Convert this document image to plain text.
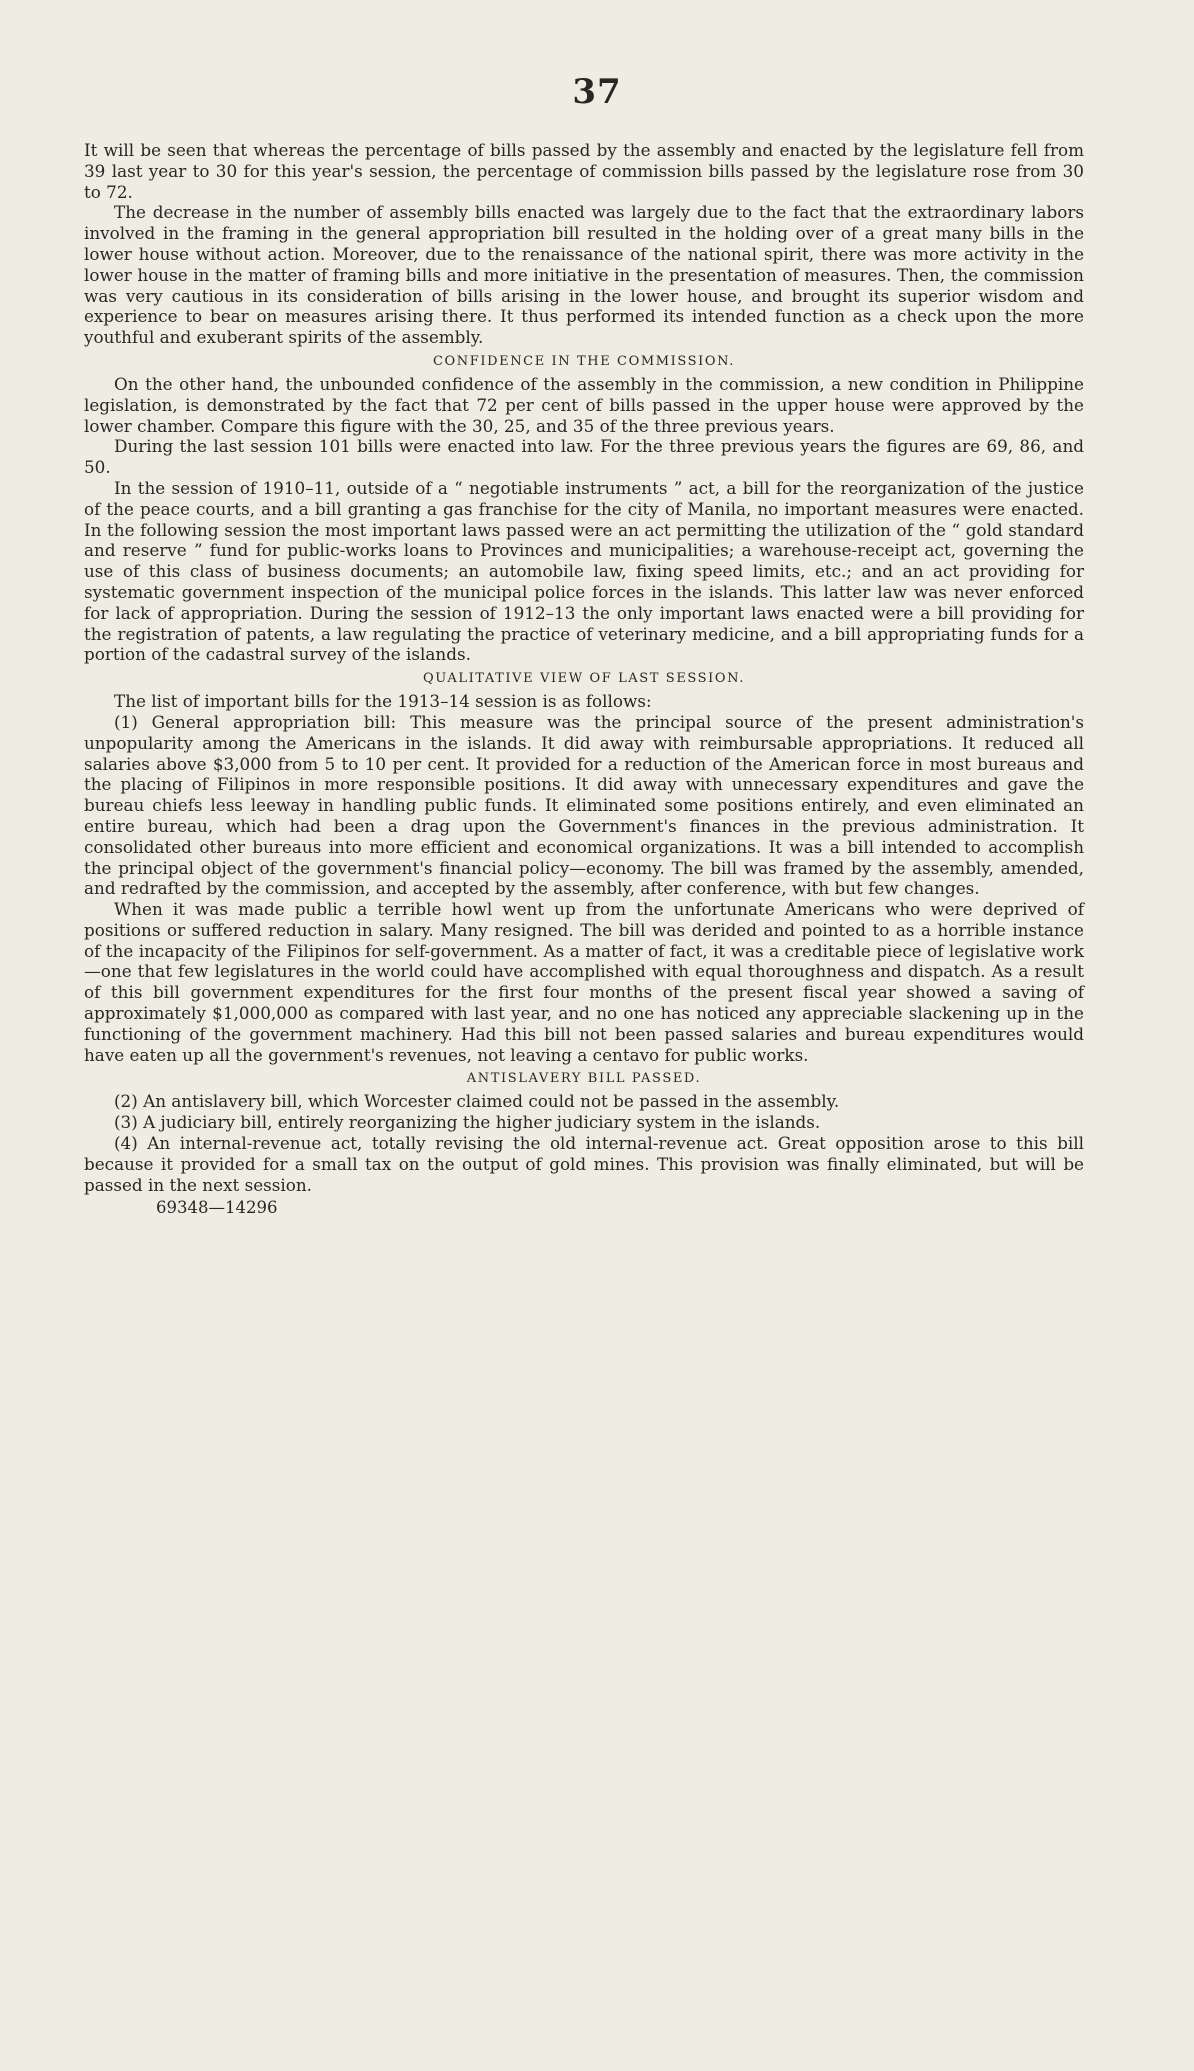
37

It will be seen that whereas the percentage of bills passed by the assembly and enacted by the legislature fell from 39 last year to 30 for this year's session, the percentage of commission bills passed by the legislature rose from 30 to 72.

The decrease in the number of assembly bills enacted was largely due to the fact that the extraordinary labors involved in the framing in the general appropriation bill resulted in the holding over of a great many bills in the lower house without action. Moreover, due to the renaissance of the national spirit, there was more activity in the lower house in the matter of framing bills and more initiative in the presentation of measures. Then, the commission was very cautious in its consideration of bills arising in the lower house, and brought its superior wisdom and experience to bear on measures arising there. It thus performed its intended function as a check upon the more youthful and exuberant spirits of the assembly.

CONFIDENCE IN THE COMMISSION.

On the other hand, the unbounded confidence of the assembly in the commission, a new condition in Philippine legislation, is demonstrated by the fact that 72 per cent of bills passed in the upper house were approved by the lower chamber. Compare this figure with the 30, 25, and 35 of the three previous years.

During the last session 101 bills were enacted into law. For the three previous years the figures are 69, 86, and 50.

In the session of 1910–11, outside of a “ negotiable instruments ” act, a bill for the reorganization of the justice of the peace courts, and a bill granting a gas franchise for the city of Manila, no important measures were enacted. In the following session the most important laws passed were an act permitting the utilization of the “ gold standard and reserve ” fund for public-works loans to Provinces and municipalities; a warehouse-receipt act, governing the use of this class of business documents; an automobile law, fixing speed limits, etc.; and an act providing for systematic government inspection of the municipal police forces in the islands. This latter law was never enforced for lack of appropriation. During the session of 1912–13 the only important laws enacted were a bill providing for the registration of patents, a law regulating the practice of veterinary medicine, and a bill appropriating funds for a portion of the cadastral survey of the islands.

QUALITATIVE VIEW OF LAST SESSION.

The list of important bills for the 1913–14 session is as follows:

(1) General appropriation bill: This measure was the principal source of the present administration's unpopularity among the Americans in the islands. It did away with reimbursable appropriations. It reduced all salaries above $3,000 from 5 to 10 per cent. It provided for a reduction of the American force in most bureaus and the placing of Filipinos in more responsible positions. It did away with unnecessary expenditures and gave the bureau chiefs less leeway in handling public funds. It eliminated some positions entirely, and even eliminated an entire bureau, which had been a drag upon the Government's finances in the previous administration. It consolidated other bureaus into more efficient and economical organizations. It was a bill intended to accomplish the principal object of the government's financial policy—economy. The bill was framed by the assembly, amended, and redrafted by the commission, and accepted by the assembly, after conference, with but few changes.

When it was made public a terrible howl went up from the unfortunate Americans who were deprived of positions or suffered reduction in salary. Many resigned. The bill was derided and pointed to as a horrible instance of the incapacity of the Filipinos for self-government. As a matter of fact, it was a creditable piece of legislative work—one that few legislatures in the world could have accomplished with equal thoroughness and dispatch. As a result of this bill government expenditures for the first four months of the present fiscal year showed a saving of approximately $1,000,000 as compared with last year, and no one has noticed any appreciable slackening up in the functioning of the government machinery. Had this bill not been passed salaries and bureau expenditures would have eaten up all the government's revenues, not leaving a centavo for public works.

ANTISLAVERY BILL PASSED.

(2) An antislavery bill, which Worcester claimed could not be passed in the assembly.

(3) A judiciary bill, entirely reorganizing the higher judiciary system in the islands.

(4) An internal-revenue act, totally revising the old internal-revenue act. Great opposition arose to this bill because it provided for a small tax on the output of gold mines. This provision was finally eliminated, but will be passed in the next session.

69348—14296
